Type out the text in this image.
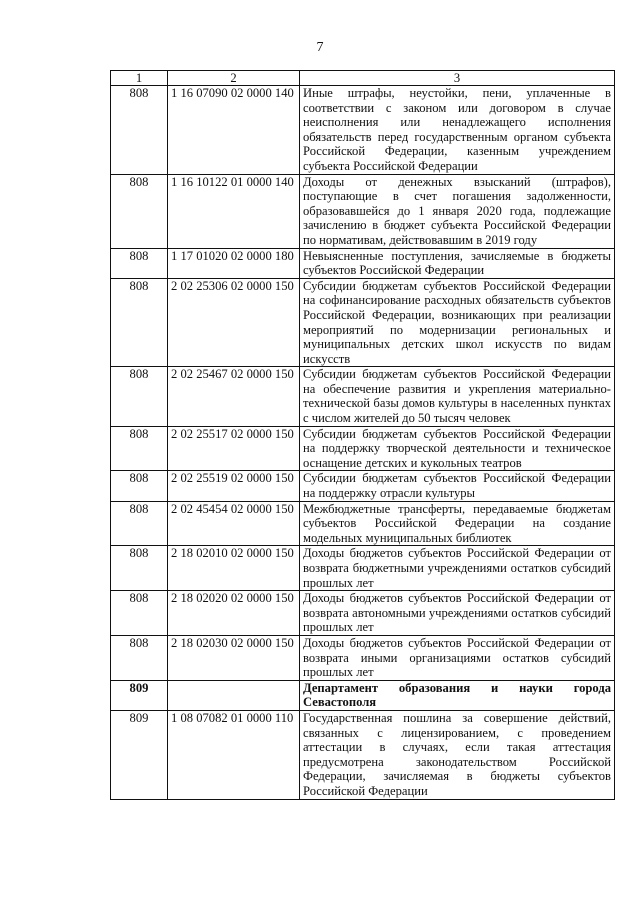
7
1	2	3
808	1 16 07090 02 0000 140	Иные штрафы, неустойки, пени, уплаченные в соответствии с законом или договором в случае неисполнения или ненадлежащего исполнения обязательств перед государственным органом субъекта Российской Федерации, казенным учреждением субъекта Российской Федерации
808	1 16 10122 01 0000 140	Доходы от денежных взысканий (штрафов), поступающие в счет погашения задолженности, образовавшейся до 1 января 2020 года, подлежащие зачислению в бюджет субъекта Российской Федерации по нормативам, действовавшим в 2019 году
808	1 17 01020 02 0000 180	Невыясненные поступления, зачисляемые в бюджеты субъектов Российской Федерации
808	2 02 25306 02 0000 150	Субсидии бюджетам субъектов Российской Федерации на софинансирование расходных обязательств субъектов Российской Федерации, возникающих при реализации мероприятий по модернизации региональных и муниципальных детских школ искусств по видам искусств
808	2 02 25467 02 0000 150	Субсидии бюджетам субъектов Российской Федерации на обеспечение развития и укрепления материально-технической базы домов культуры в населенных пунктах с числом жителей до 50 тысяч человек
808	2 02 25517 02 0000 150	Субсидии бюджетам субъектов Российской Федерации на поддержку творческой деятельности и техническое оснащение детских и кукольных театров
808	2 02 25519 02 0000 150	Субсидии бюджетам субъектов Российской Федерации на поддержку отрасли культуры
808	2 02 45454 02 0000 150	Межбюджетные трансферты, передаваемые бюджетам субъектов Российской Федерации на создание модельных муниципальных библиотек
808	2 18 02010 02 0000 150	Доходы бюджетов субъектов Российской Федерации от возврата бюджетными учреждениями остатков субсидий прошлых лет
808	2 18 02020 02 0000 150	Доходы бюджетов субъектов Российской Федерации от возврата автономными учреждениями остатков субсидий прошлых лет
808	2 18 02030 02 0000 150	Доходы бюджетов субъектов Российской Федерации от возврата иными организациями остатков субсидий прошлых лет
809		Департамент образования и науки города Севастополя
809	1 08 07082 01 0000 110	Государственная пошлина за совершение действий, связанных с лицензированием, с проведением аттестации в случаях, если такая аттестация предусмотрена законодательством Российской Федерации, зачисляемая в бюджеты субъектов Российской Федерации
